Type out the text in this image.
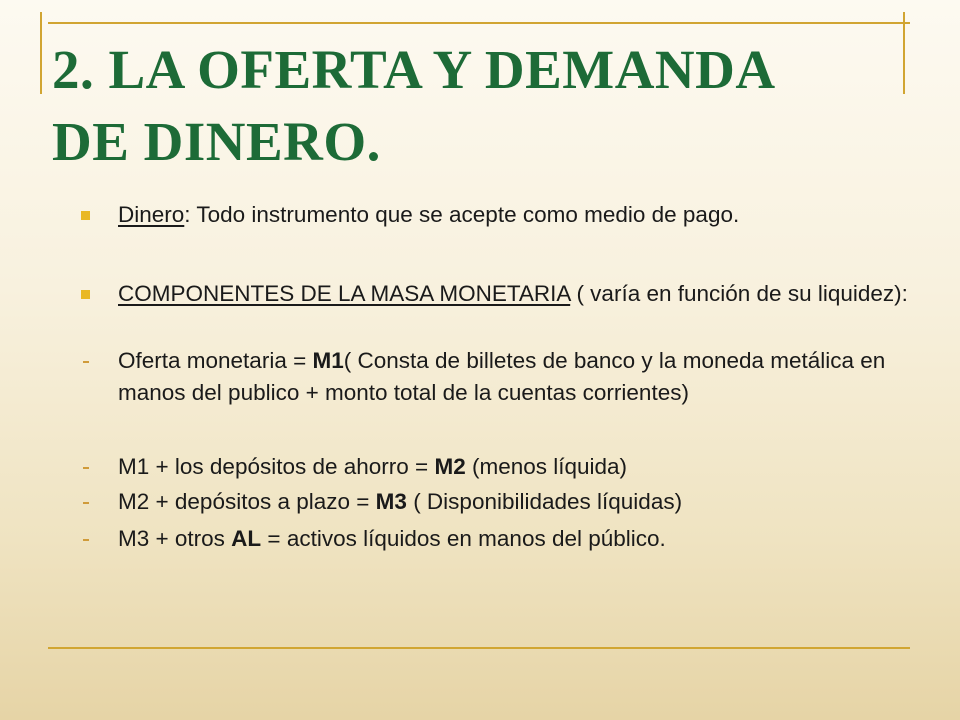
2. LA OFERTA Y DEMANDA
DE DINERO.
Dinero: Todo instrumento que se acepte como medio de pago.
COMPONENTES DE LA MASA MONETARIA ( varía en función de su liquidez):
Oferta monetaria = M1( Consta de billetes de banco y la moneda metálica en manos del publico + monto total de la cuentas corrientes)
M1 + los depósitos de ahorro = M2 (menos líquida)
M2 + depósitos a plazo = M3 ( Disponibilidades líquidas)
M3 + otros AL = activos líquidos en manos del público.
